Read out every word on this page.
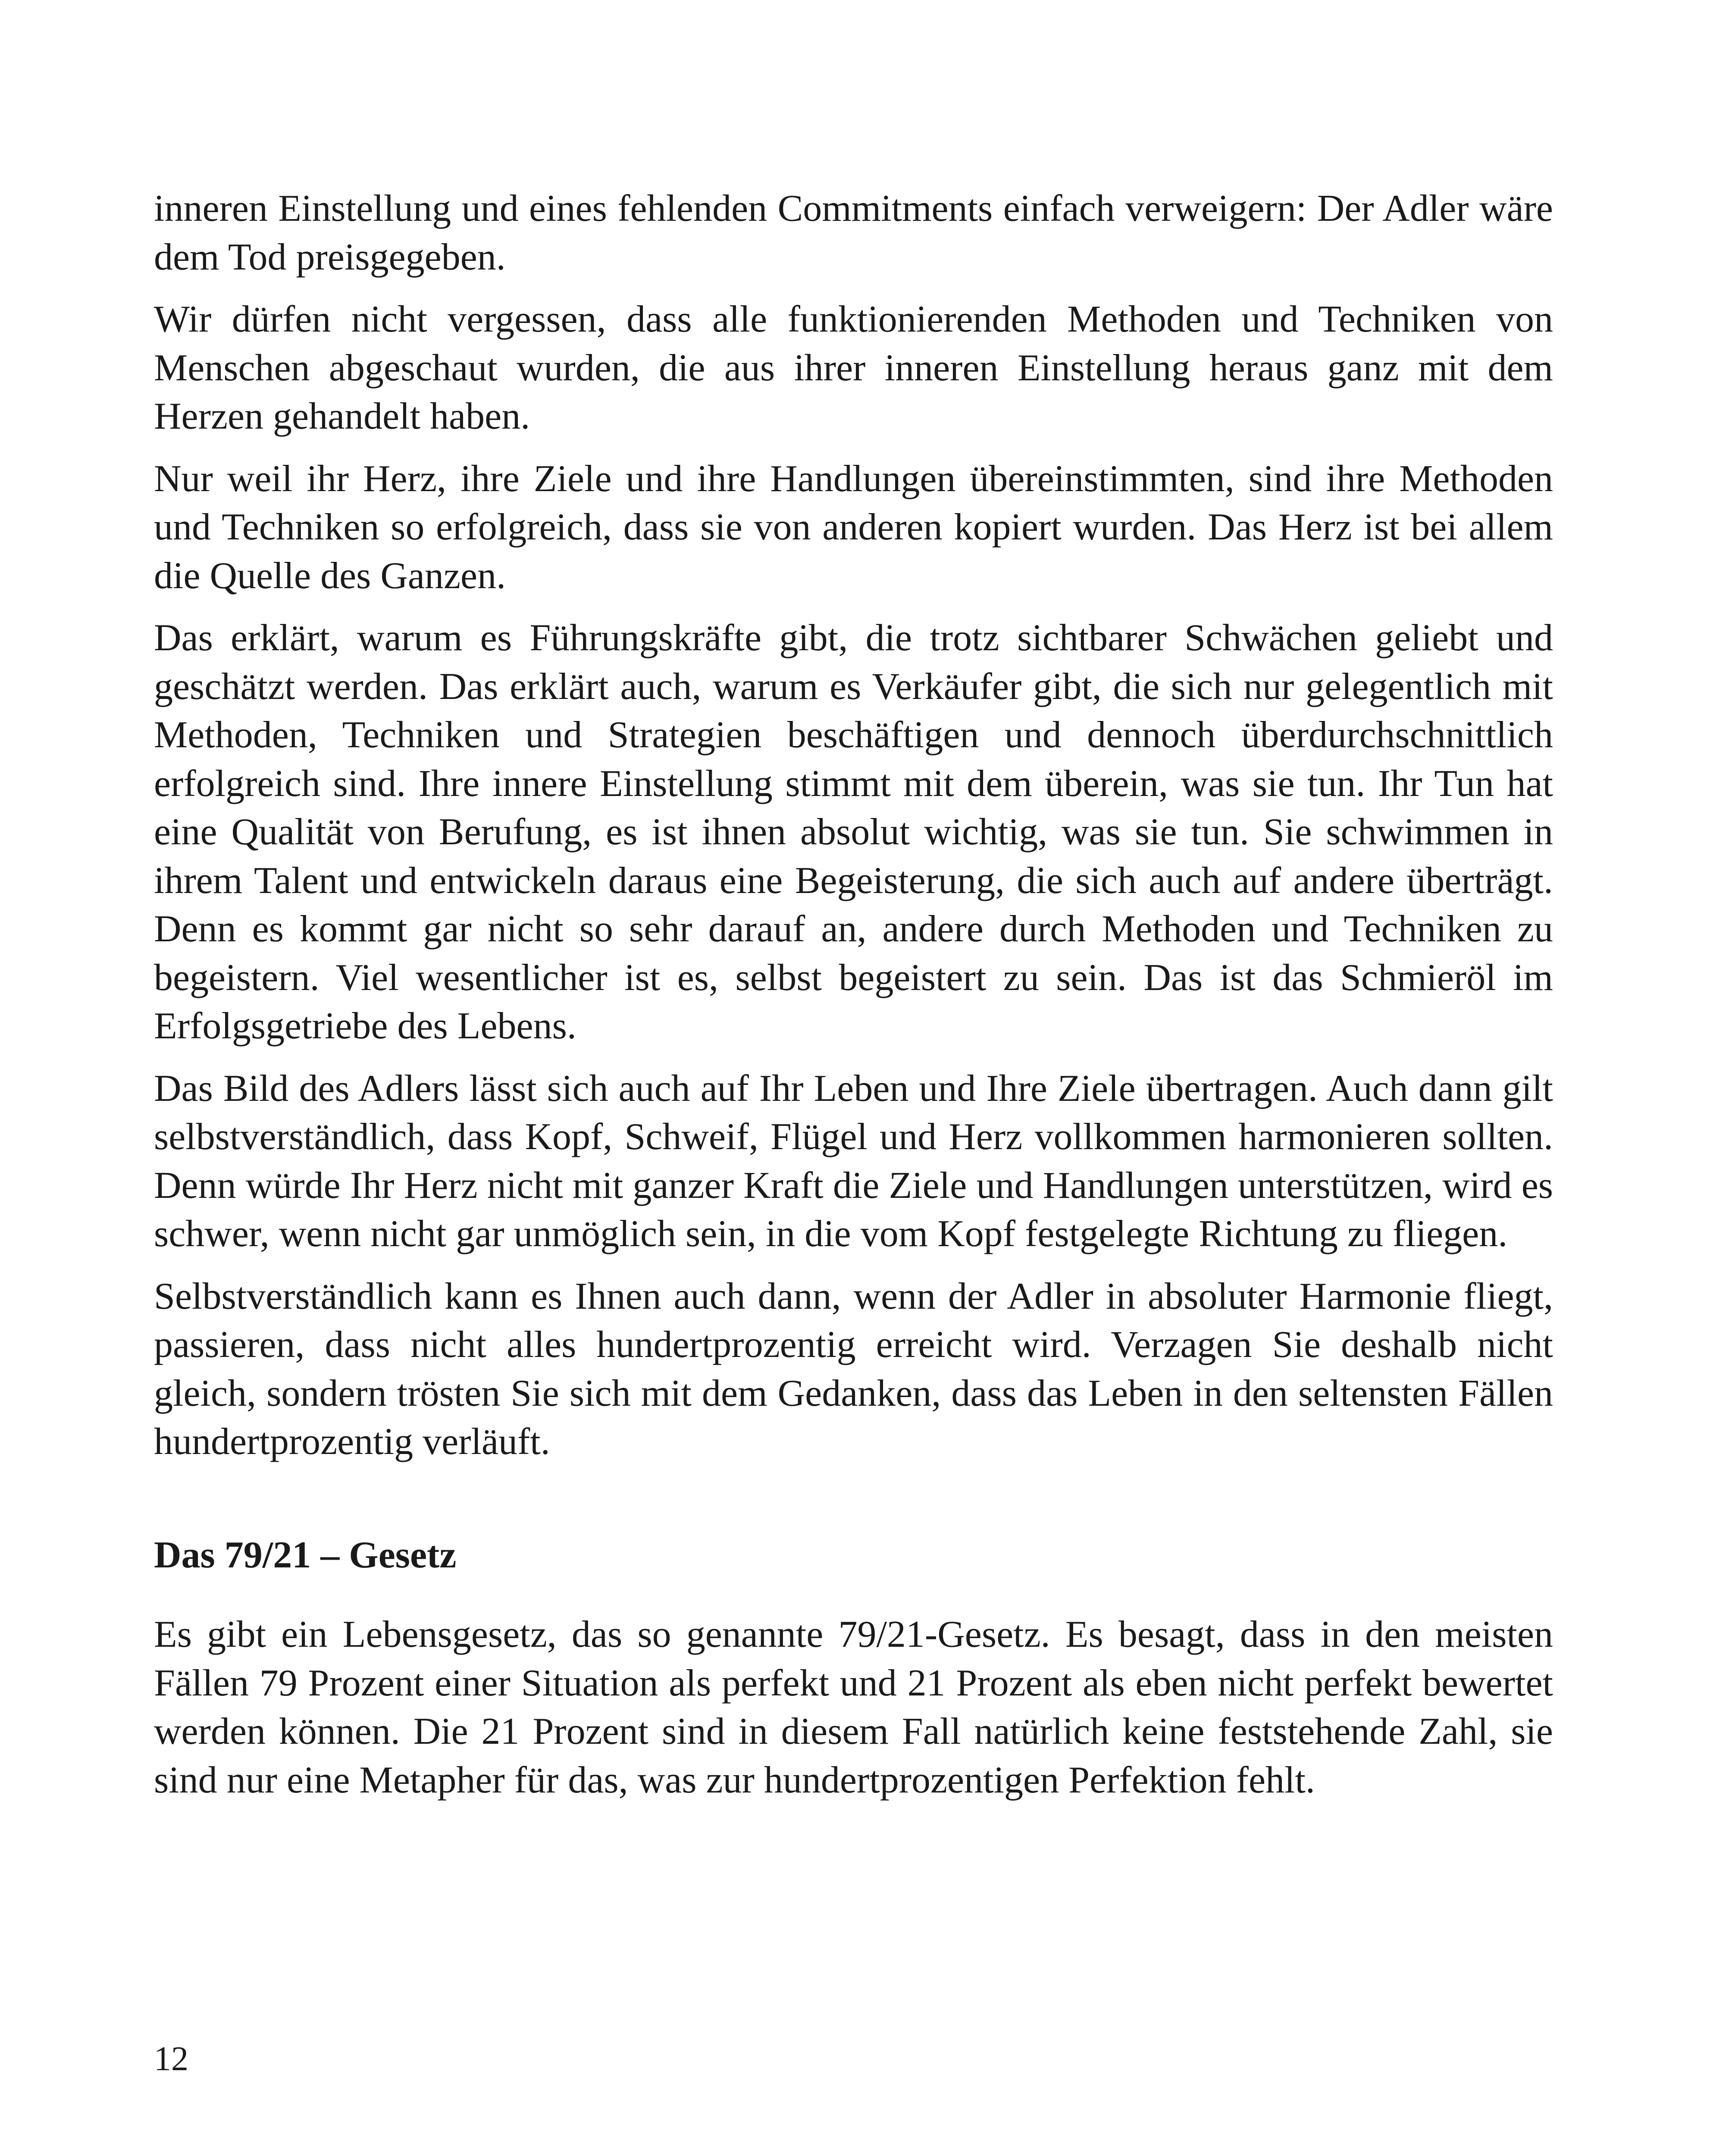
inneren Einstellung und eines fehlenden Commitments einfach verweigern: Der Adler wäre dem Tod preisgegeben.

Wir dürfen nicht vergessen, dass alle funktionierenden Methoden und Techniken von Menschen abgeschaut wurden, die aus ihrer inneren Einstellung heraus ganz mit dem Herzen gehandelt haben.

Nur weil ihr Herz, ihre Ziele und ihre Handlungen übereinstimmten, sind ihre Methoden und Techniken so erfolgreich, dass sie von anderen kopiert wurden. Das Herz ist bei allem die Quelle des Ganzen.

Das erklärt, warum es Führungskräfte gibt, die trotz sichtbarer Schwächen geliebt und geschätzt werden. Das erklärt auch, warum es Verkäufer gibt, die sich nur gelegentlich mit Methoden, Techniken und Strategien beschäftigen und dennoch überdurchschnittlich erfolgreich sind. Ihre innere Einstellung stimmt mit dem überein, was sie tun. Ihr Tun hat eine Qualität von Berufung, es ist ihnen absolut wichtig, was sie tun. Sie schwimmen in ihrem Talent und entwickeln daraus eine Begeisterung, die sich auch auf andere überträgt. Denn es kommt gar nicht so sehr darauf an, andere durch Methoden und Techniken zu begeistern. Viel wesentlicher ist es, selbst begeistert zu sein. Das ist das Schmieröl im Erfolgsgetriebe des Lebens.

Das Bild des Adlers lässt sich auch auf Ihr Leben und Ihre Ziele übertragen. Auch dann gilt selbstverständlich, dass Kopf, Schweif, Flügel und Herz vollkommen harmonieren sollten. Denn würde Ihr Herz nicht mit ganzer Kraft die Ziele und Handlungen unterstützen, wird es schwer, wenn nicht gar unmöglich sein, in die vom Kopf festgelegte Richtung zu fliegen.

Selbstverständlich kann es Ihnen auch dann, wenn der Adler in absoluter Harmonie fliegt, passieren, dass nicht alles hundertprozentig erreicht wird. Verzagen Sie deshalb nicht gleich, sondern trösten Sie sich mit dem Gedanken, dass das Leben in den seltensten Fällen hundertprozentig verläuft.

Das 79/21 – Gesetz

Es gibt ein Lebensgesetz, das so genannte 79/21-Gesetz. Es besagt, dass in den meisten Fällen 79 Prozent einer Situation als perfekt und 21 Prozent als eben nicht perfekt bewertet werden können. Die 21 Prozent sind in diesem Fall natürlich keine feststehende Zahl, sie sind nur eine Metapher für das, was zur hundertprozentigen Perfektion fehlt.

12
